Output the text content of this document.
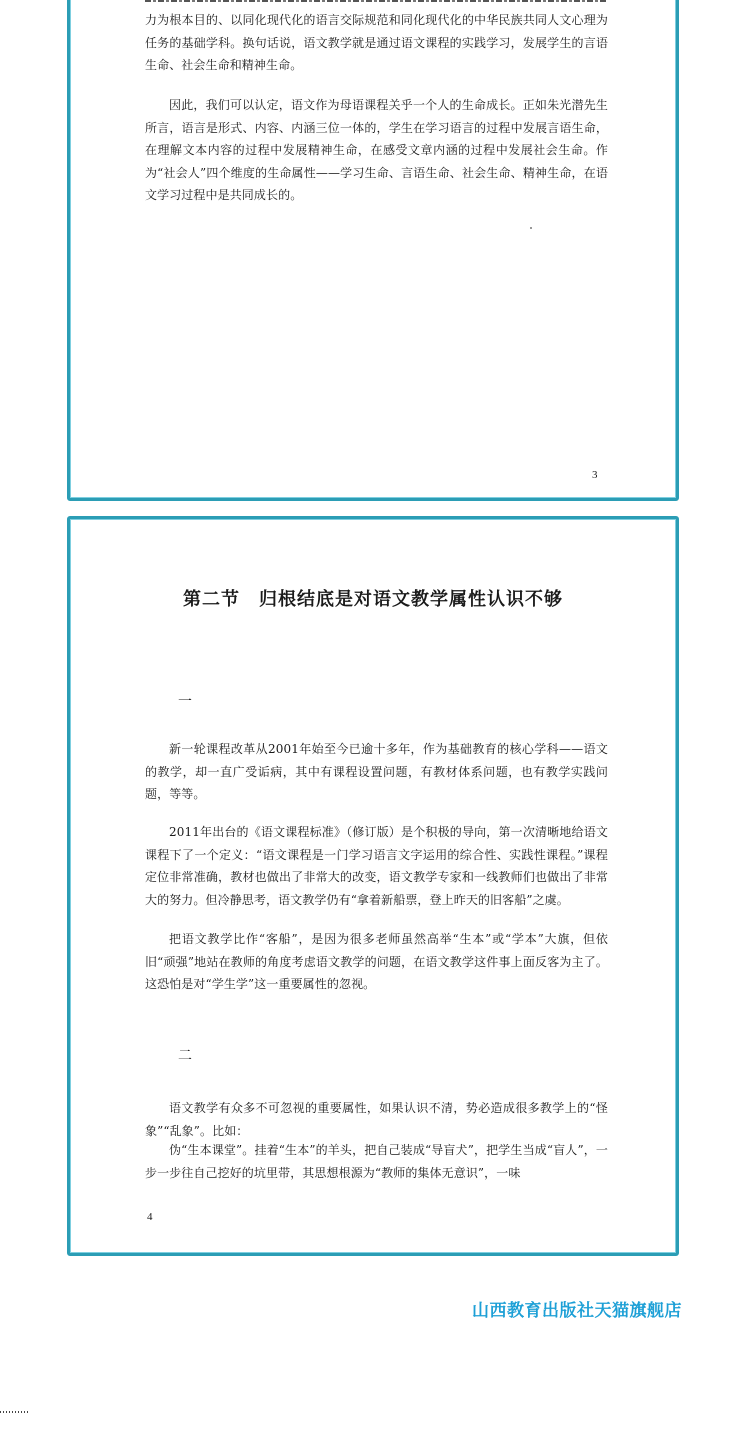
力为根本目的、以同化现代化的语言交际规范和同化现代化的中华民族共同人文心理为任务的基础学科。换句话说，语文教学就是通过语文课程的实践学习，发展学生的言语生命、社会生命和精神生命。

因此，我们可以认定，语文作为母语课程关乎一个人的生命成长。正如朱光潜先生所言，语言是形式、内容、内涵三位一体的，学生在学习语言的过程中发展言语生命，在理解文本内容的过程中发展精神生命，在感受文章内涵的过程中发展社会生命。作为“社会人”四个维度的生命属性——学习生命、言语生命、社会生命、精神生命，在语文学习过程中是共同成长的。

3
第二节　归根结底是对语文教学属性认识不够

一

新一轮课程改革从2001年始至今已逾十多年，作为基础教育的核心学科——语文的教学，却一直广受诟病，其中有课程设置问题，有教材体系问题，也有教学实践问题，等等。

2011年出台的《语文课程标准》（修订版）是个积极的导向，第一次清晰地给语文课程下了一个定义：“语文课程是一门学习语言文字运用的综合性、实践性课程。”课程定位非常准确，教材也做出了非常大的改变，语文教学专家和一线教师们也做出了非常大的努力。但冷静思考，语文教学仍有“拿着新船票，登上昨天的旧客船”之虞。

把语文教学比作“客船”，是因为很多老师虽然高举“生本”或“学本”大旗，但依旧“顽强”地站在教师的角度考虑语文教学的问题，在语文教学这件事上面反客为主了。这恐怕是对“学生学”这一重要属性的忽视。

二

语文教学有众多不可忽视的重要属性，如果认识不清，势必造成很多教学上的“怪象”“乱象”。比如：

伪“生本课堂”。挂着“生本”的羊头，把自己装成“导盲犬”，把学生当成“盲人”，一步一步往自己挖好的坑里带，其思想根源为“教师的集体无意识”，一味

4
山西教育出版社天猫旗舰店
